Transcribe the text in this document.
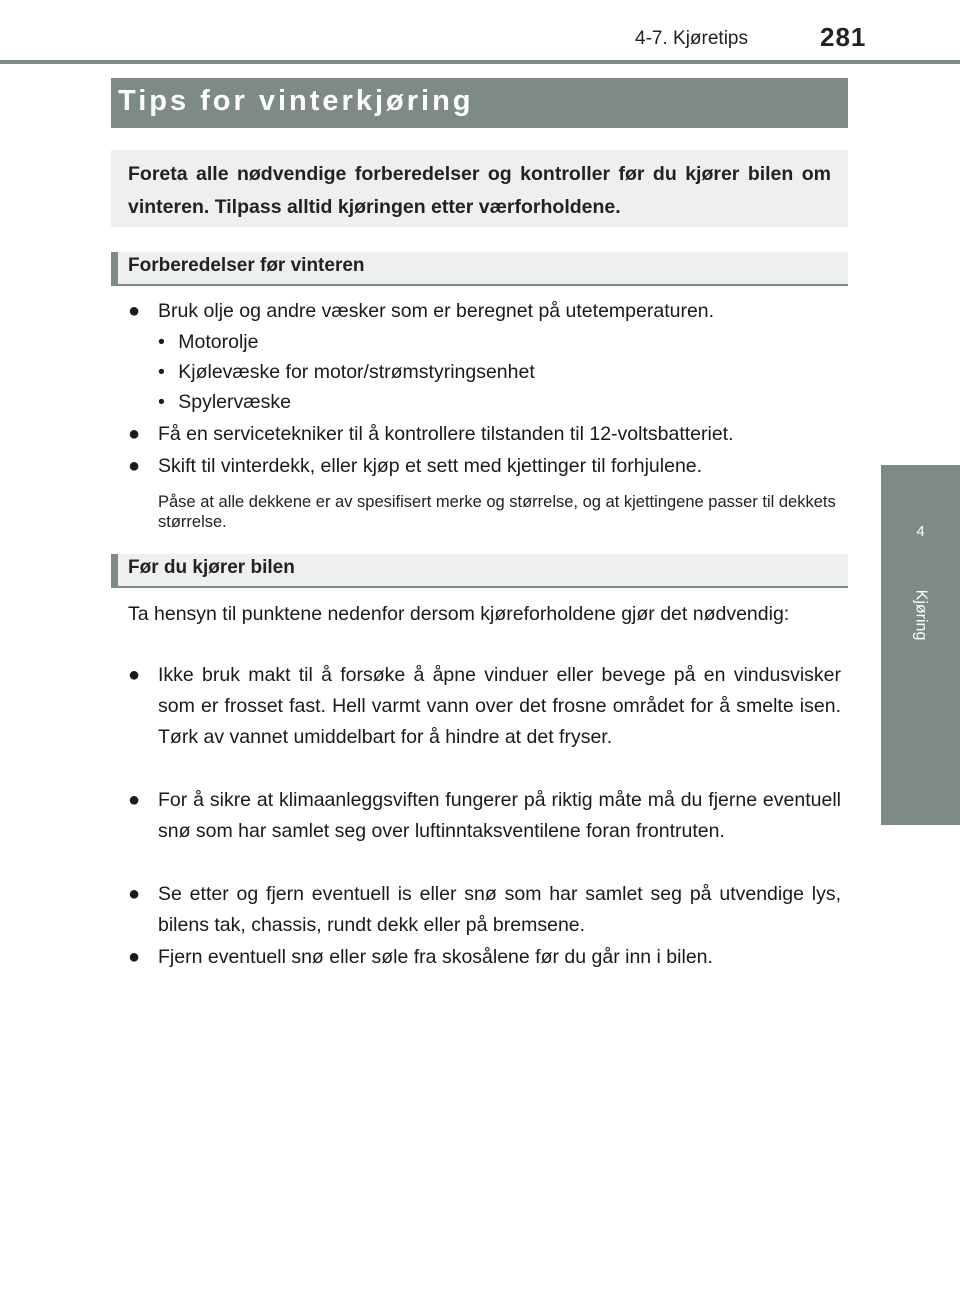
4-7. Kjøretips	281
4
Kjøring
Tips for vinterkjøring

Foreta alle nødvendige forberedelser og kontroller før du kjører bilen om vinteren. Tilpass alltid kjøringen etter værforholdene.

Forberedelser før vinteren
● Bruk olje og andre væsker som er beregnet på utetemperaturen.
• Motorolje
• Kjølevæske for motor/strømstyringsenhet
• Spylervæske
● Få en servicetekniker til å kontrollere tilstanden til 12-voltsbatteriet.
● Skift til vinterdekk, eller kjøp et sett med kjettinger til forhjulene.
Påse at alle dekkene er av spesifisert merke og størrelse, og at kjettingene passer til dekkets størrelse.
Før du kjører bilen
Ta hensyn til punktene nedenfor dersom kjøreforholdene gjør det nødvendig:
● Ikke bruk makt til å forsøke å åpne vinduer eller bevege på en vindusvisker som er frosset fast. Hell varmt vann over det frosne området for å smelte isen. Tørk av vannet umiddelbart for å hindre at det fryser.
● For å sikre at klimaanleggsviften fungerer på riktig måte må du fjerne eventuell snø som har samlet seg over luftinntaksventilene foran frontruten.
● Se etter og fjern eventuell is eller snø som har samlet seg på utvendige lys, bilens tak, chassis, rundt dekk eller på bremsene.
● Fjern eventuell snø eller søle fra skosålene før du går inn i bilen.
